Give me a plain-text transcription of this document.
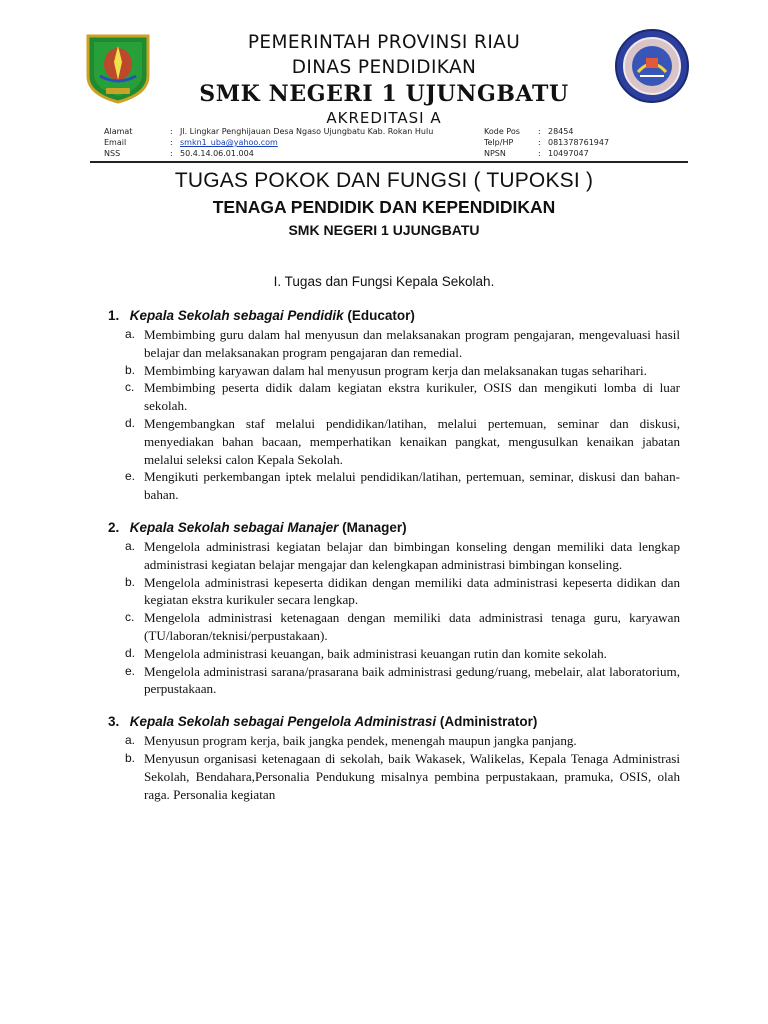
PEMERINTAH PROVINSI RIAU
DINAS PENDIDIKAN
SMK NEGERI 1 UJUNGBATU
AKREDITASI A
Alamat	: Jl. Lingkar Penghijauan Desa Ngaso Ujungbatu Kab. Rokan Hulu
Email	: smkn1_uba@yahoo.com
NSS	: 50.4.14.06.01.004
Kode Pos	: 28454
Telp/HP	: 081378761947
NPSN	: 10497047
TUGAS POKOK DAN FUNGSI ( TUPOKSI )
TENAGA PENDIDIK DAN KEPENDIDIKAN
SMK NEGERI 1 UJUNGBATU
I. Tugas dan Fungsi Kepala Sekolah.
1. Kepala Sekolah sebagai Pendidik (Educator)
a. Membimbing guru dalam hal menyusun dan melaksanakan program pengajaran, mengevaluasi hasil belajar dan melaksanakan program pengajaran dan remedial.
b. Membimbing karyawan dalam hal menyusun program kerja dan melaksanakan tugas seharihari.
c. Membimbing peserta didik dalam kegiatan ekstra kurikuler, OSIS dan mengikuti lomba di luar sekolah.
d. Mengembangkan staf melalui pendidikan/latihan, melalui pertemuan, seminar dan diskusi, menyediakan bahan bacaan, memperhatikan kenaikan pangkat, mengusulkan kenaikan jabatan melalui seleksi calon Kepala Sekolah.
e. Mengikuti perkembangan iptek melalui pendidikan/latihan, pertemuan, seminar, diskusi dan bahan-bahan.
2. Kepala Sekolah sebagai Manajer (Manager)
a. Mengelola administrasi kegiatan belajar dan bimbingan konseling dengan memiliki data lengkap administrasi kegiatan belajar mengajar dan kelengkapan administrasi bimbingan konseling.
b. Mengelola administrasi kepeserta didikan dengan memiliki data administrasi kepeserta didikan dan kegiatan ekstra kurikuler secara lengkap.
c. Mengelola administrasi ketenagaan dengan memiliki data administrasi tenaga guru, karyawan (TU/laboran/teknisi/perpustakaan).
d. Mengelola administrasi keuangan, baik administrasi keuangan rutin dan komite sekolah.
e. Mengelola administrasi sarana/prasarana baik administrasi gedung/ruang, mebelair, alat laboratorium, perpustakaan.
3. Kepala Sekolah sebagai Pengelola Administrasi (Administrator)
a. Menyusun program kerja, baik jangka pendek, menengah maupun jangka panjang.
b. Menyusun organisasi ketenagaan di sekolah, baik Wakasek, Walikelas, Kepala Tenaga Administrasi Sekolah, Bendahara,Personalia Pendukung misalnya pembina perpustakaan, pramuka, OSIS, olah raga. Personalia kegiatan
